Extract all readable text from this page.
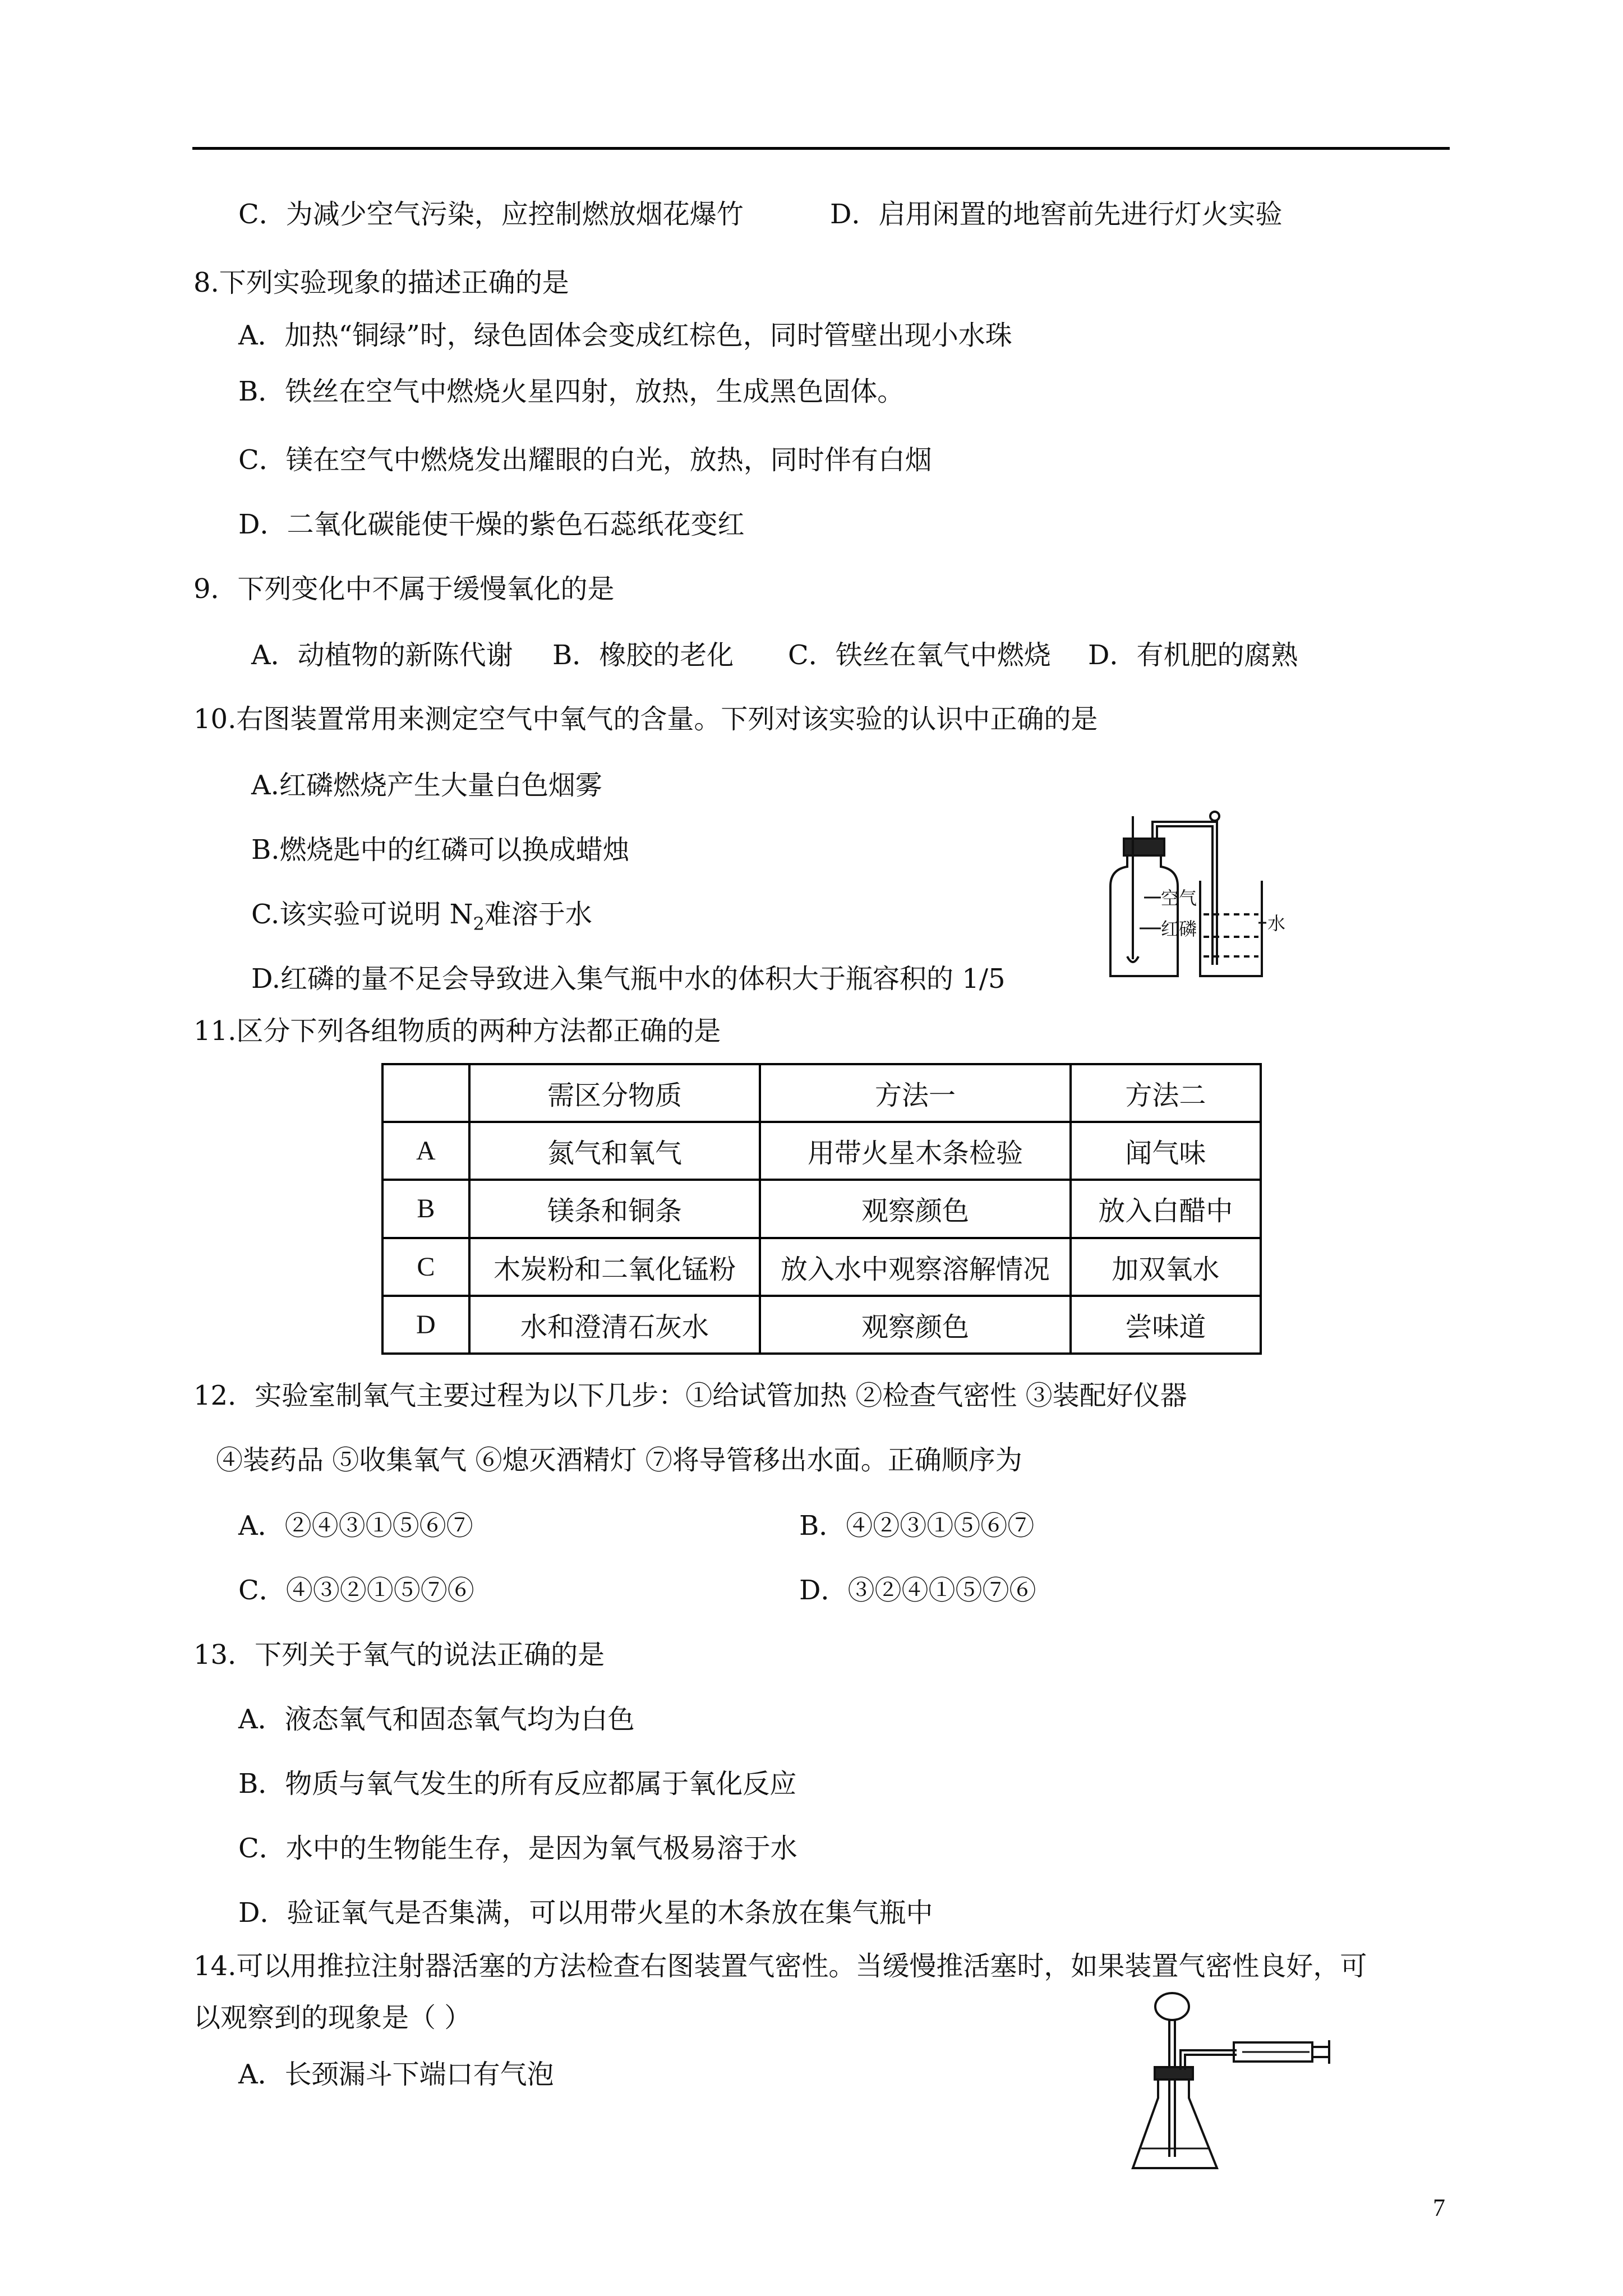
C．为减少空气污染，应控制燃放烟花爆竹	D．启用闲置的地窖前先进行灯火实验
8.下列实验现象的描述正确的是
A．加热“铜绿”时，绿色固体会变成红棕色，同时管壁出现小水珠
B．铁丝在空气中燃烧火星四射，放热，生成黑色固体。
C．镁在空气中燃烧发出耀眼的白光，放热，同时伴有白烟
D．二氧化碳能使干燥的紫色石蕊纸花变红
9．下列变化中不属于缓慢氧化的是
A．动植物的新陈代谢 B．橡胶的老化 C．铁丝在氧气中燃烧 D．有机肥的腐熟
10.右图装置常用来测定空气中氧气的含量。下列对该实验的认识中正确的是
A.红磷燃烧产生大量白色烟雾
B.燃烧匙中的红磷可以换成蜡烛
C.该实验可说明 N2难溶于水
D.红磷的量不足会导致进入集气瓶中水的体积大于瓶容积的 1/5
空气
红磷	水
11.区分下列各组物质的两种方法都正确的是
	需区分物质	方法一	方法二
A	氮气和氧气	用带火星木条检验	闻气味
B	镁条和铜条	观察颜色	放入白醋中
C	木炭粉和二氧化锰粉	放入水中观察溶解情况	加双氧水
D	水和澄清石灰水	观察颜色	尝味道
12．实验室制氧气主要过程为以下几步：①给试管加热 ②检查气密性 ③装配好仪器
④装药品 ⑤收集氧气 ⑥熄灭酒精灯 ⑦将导管移出水面。正确顺序为
A．②④③①⑤⑥⑦	B．④②③①⑤⑥⑦
C．④③②①⑤⑦⑥	D．③②④①⑤⑦⑥
13．下列关于氧气的说法正确的是
A．液态氧气和固态氧气均为白色
B．物质与氧气发生的所有反应都属于氧化反应
C．水中的生物能生存，是因为氧气极易溶于水
D．验证氧气是否集满，可以用带火星的木条放在集气瓶中
14.可以用推拉注射器活塞的方法检查右图装置气密性。当缓慢推活塞时，如果装置气密性良好，可
以观察到的现象是（ ）
A．长颈漏斗下端口有气泡
7
